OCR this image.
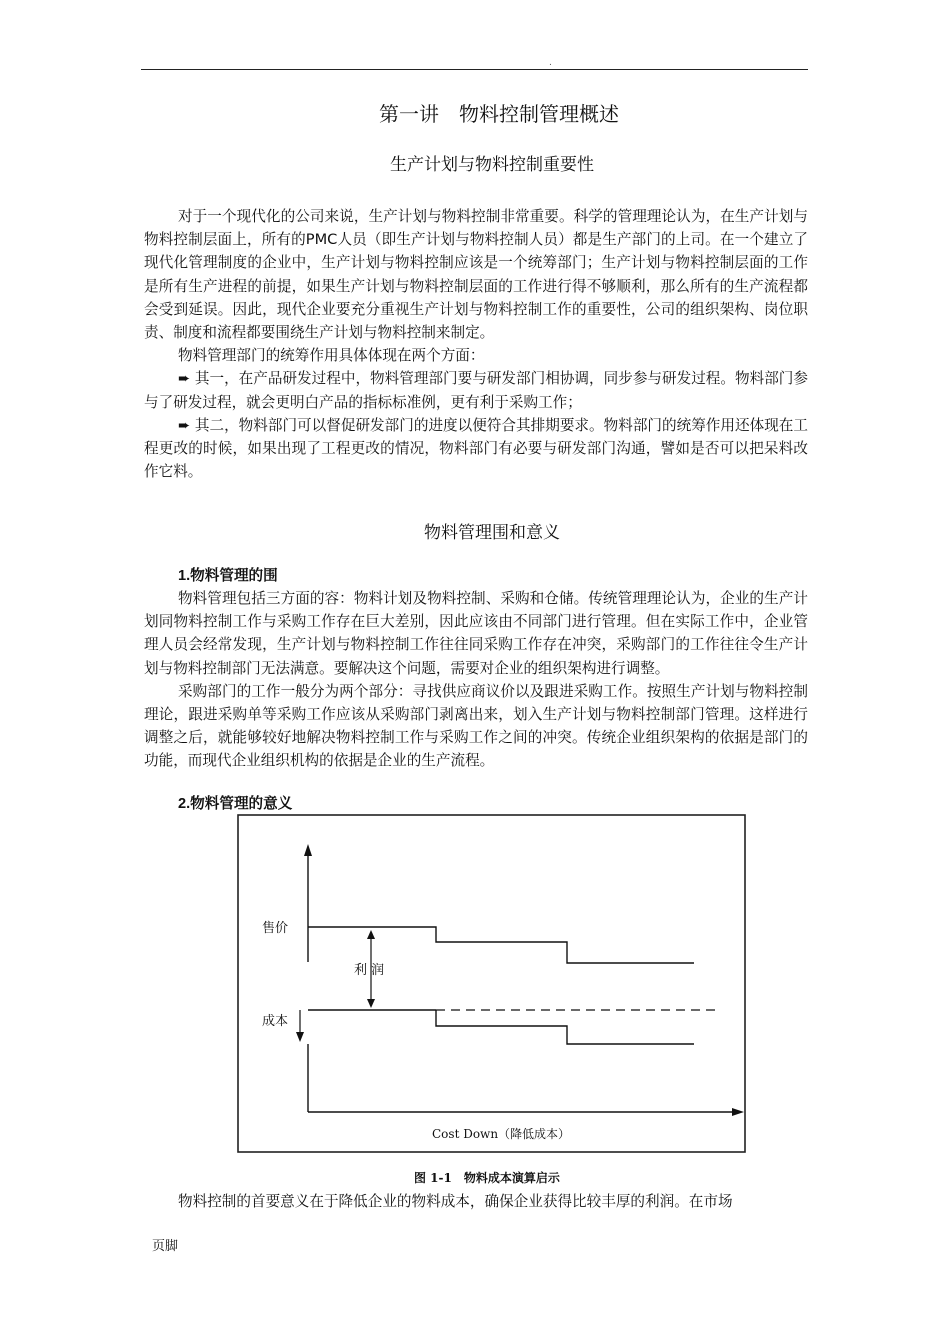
.
第一讲　物料控制管理概述
生产计划与物料控制重要性

对于一个现代化的公司来说，生产计划与物料控制非常重要。科学的管理理论认为，在生产计划与物料控制层面上，所有的PMC人员（即生产计划与物料控制人员）都是生产部门的上司。在一个建立了现代化管理制度的企业中，生产计划与物料控制应该是一个统筹部门；生产计划与物料控制层面的工作是所有生产进程的前提，如果生产计划与物料控制层面的工作进行得不够顺利，那么所有的生产流程都会受到延误。因此，现代企业要充分重视生产计划与物料控制工作的重要性，公司的组织架构、岗位职责、制度和流程都要围绕生产计划与物料控制来制定。

物料管理部门的统筹作用具体体现在两个方面：

➨ 其一，在产品研发过程中，物料管理部门要与研发部门相协调，同步参与研发过程。物料部门参与了研发过程，就会更明白产品的指标标准例，更有利于采购工作；

➨ 其二，物料部门可以督促研发部门的进度以便符合其排期要求。物料部门的统筹作用还体现在工程更改的时候，如果出现了工程更改的情况，物料部门有必要与研发部门沟通，譬如是否可以把呆料改作它料。

物料管理围和意义
1.物料管理的围

物料管理包括三方面的容：物料计划及物料控制、采购和仓储。传统管理理论认为，企业的生产计划同物料控制工作与采购工作存在巨大差别，因此应该由不同部门进行管理。但在实际工作中，企业管理人员会经常发现，生产计划与物料控制工作往往同采购工作存在冲突，采购部门的工作往往令生产计划与物料控制部门无法满意。要解决这个问题，需要对企业的组织架构进行调整。

采购部门的工作一般分为两个部分：寻找供应商议价以及跟进采购工作。按照生产计划与物料控制理论，跟进采购单等采购工作应该从采购部门剥离出来，划入生产计划与物料控制部门管理。这样进行调整之后，就能够较好地解决物料控制工作与采购工作之间的冲突。传统企业组织架构的依据是部门的功能，而现代企业组织机构的依据是企业的生产流程。

2.物料管理的意义
售价
利 润
成本
Cost Down（降低成本）
图 1-1　物料成本演算启示

物料控制的首要意义在于降低企业的物料成本，确保企业获得比较丰厚的利润。在市场

页脚
